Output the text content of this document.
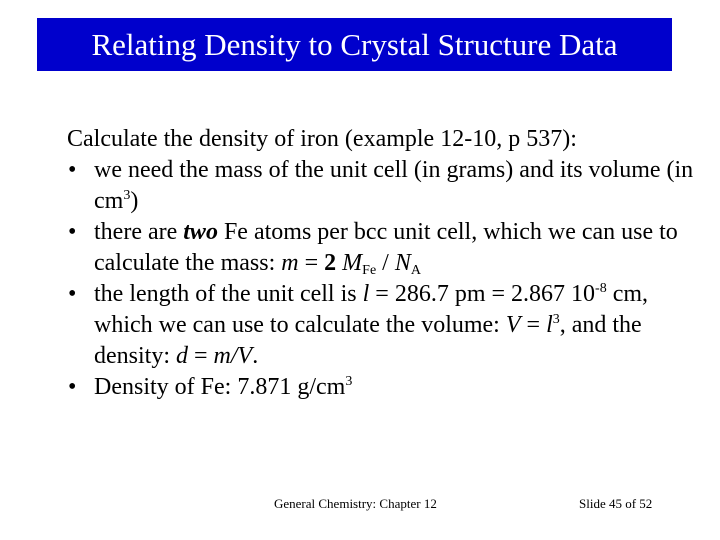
Relating Density to Crystal Structure Data

Calculate the density of iron (example 12-10, p 537):

• we need the mass of the unit cell (in grams) and its volume (in $cm^3$)
• there are two Fe atoms per bcc unit cell, which we can use to calculate the mass: m = 2 $M_{Fe} / N_A$
• the length of the unit cell is l = 286.7 pm = 2.867 $10^{-8}$ cm, which we can use to calculate the volume: $V = l^3$, and the density: d = m/V.
• Density of Fe: 7.871 $g/cm^3$
General Chemistry: Chapter 12	Slide 45 of 52
